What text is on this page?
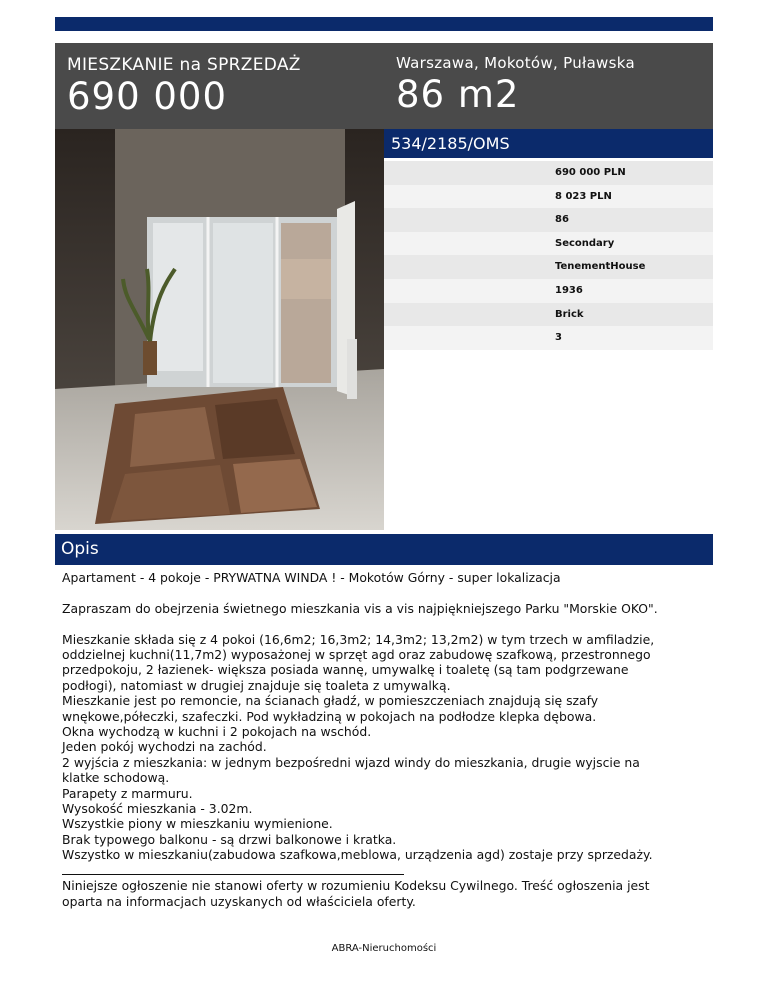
MIESZKANIE na SPRZEDAŻ
690 000
Warszawa, Mokotów, Puławska
86 m2
534/2185/OMS
690 000 PLN
8 023 PLN
86
Secondary
TenementHouse
1936
Brick
3
Opis

Apartament - 4 pokoje - PRYWATNA WINDA ! - Mokotów Górny - super lokalizacja

Zapraszam do obejrzenia świetnego mieszkania vis a vis najpiękniejszego Parku "Morskie OKO".

Mieszkanie składa się z 4 pokoi (16,6m2; 16,3m2; 14,3m2; 13,2m2) w tym trzech w amfiladzie,

oddzielnej kuchni(11,7m2) wyposażonej w sprzęt agd oraz zabudowę szafkową, przestronnego

przedpokoju, 2 łazienek- większa posiada wannę, umywalkę i toaletę (są tam podgrzewane

podłogi), natomiast w drugiej znajduje się toaleta z umywalką.

Mieszkanie jest po remoncie, na ścianach gładź, w pomieszczeniach znajdują się szafy

wnękowe,półeczki, szafeczki. Pod wykładziną w pokojach na podłodze klepka dębowa.

Okna wychodzą w kuchni i 2 pokojach na wschód.

Jeden pokój wychodzi na zachód.

2 wyjścia z mieszkania: w jednym bezpośredni wjazd windy do mieszkania, drugie wyjscie na

klatke schodową.

Parapety z marmuru.

Wysokość mieszkania - 3.02m.

Wszystkie piony w mieszkaniu wymienione.

Brak typowego balkonu - są drzwi balkonowe i kratka.

Wszystko w mieszkaniu(zabudowa szafkowa,meblowa, urządzenia agd) zostaje przy sprzedaży.

Niniejsze ogłoszenie nie stanowi oferty w rozumieniu Kodeksu Cywilnego. Treść ogłoszenia jest

oparta na informacjach uzyskanych od właściciela oferty.

ABRA-Nieruchomości
